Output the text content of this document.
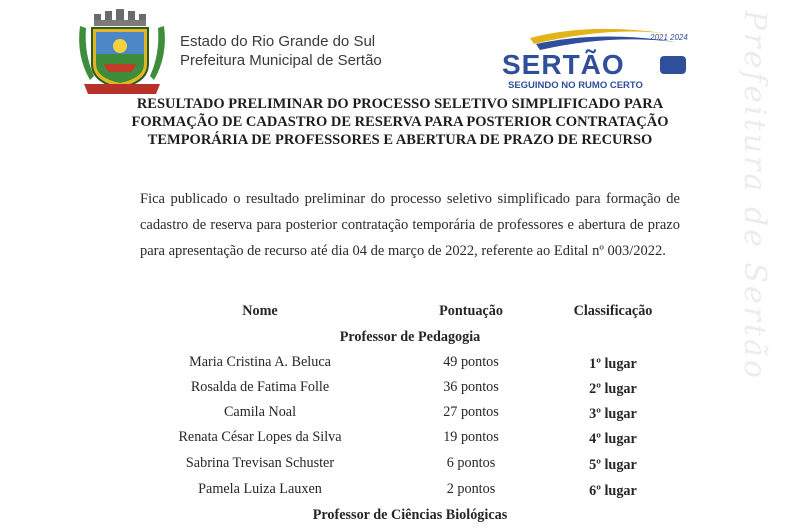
Prefeitura de Sertão
Estado do Rio Grande do Sul
Prefeitura Municipal de Sertão
2021 2024
SERTÃO
SEGUINDO NO RUMO CERTO
RESULTADO PRELIMINAR DO PROCESSO SELETIVO SIMPLIFICADO PARA
FORMAÇÃO DE CADASTRO DE RESERVA PARA POSTERIOR CONTRATAÇÃO
TEMPORÁRIA DE PROFESSORES E ABERTURA DE PRAZO DE RECURSO
Fica publicado o resultado preliminar do processo seletivo simplificado para formação de
cadastro de reserva para posterior contratação temporária de professores e abertura de prazo
para apresentação de recurso até dia 04 de março de 2022, referente ao Edital nº 003/2022.
Nome	Pontuação	Classificação
Professor de Pedagogia
Maria Cristina A. Beluca	49 pontos	1º lugar
Rosalda de Fatima Folle	36 pontos	2º lugar
Camila Noal	27 pontos	3º lugar
Renata César Lopes da Silva	19 pontos	4º lugar
Sabrina Trevisan Schuster	6 pontos	5º lugar
Pamela Luiza Lauxen	2 pontos	6º lugar
Professor de Ciências Biológicas
